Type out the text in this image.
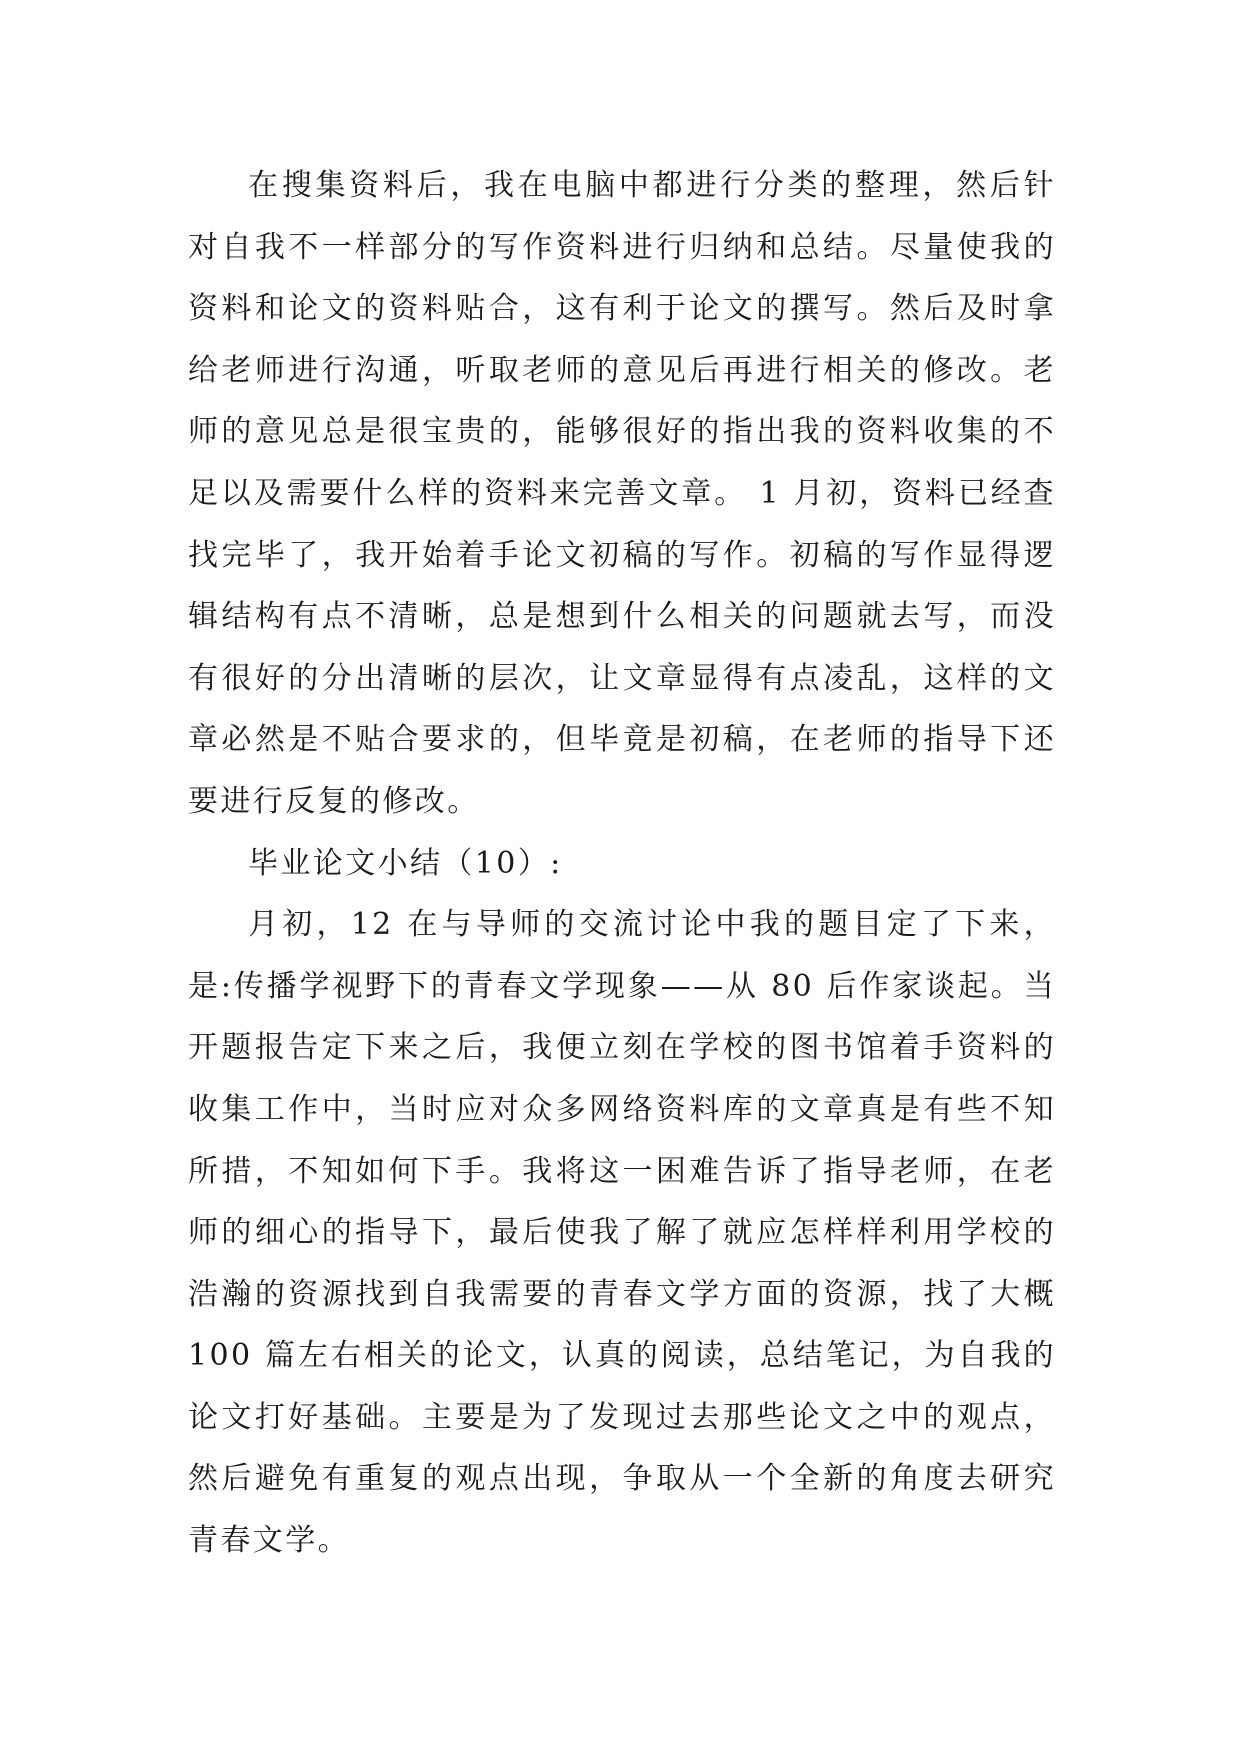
在搜集资料后，我在电脑中都进行分类的整理，然后针对自我不一样部分的写作资料进行归纳和总结。尽量使我的资料和论文的资料贴合，这有利于论文的撰写。然后及时拿给老师进行沟通，听取老师的意见后再进行相关的修改。老师的意见总是很宝贵的，能够很好的指出我的资料收集的不足以及需要什么样的资料来完善文章。 1 月初，资料已经查找完毕了，我开始着手论文初稿的写作。初稿的写作显得逻辑结构有点不清晰，总是想到什么相关的问题就去写，而没有很好的分出清晰的层次，让文章显得有点凌乱，这样的文章必然是不贴合要求的，但毕竟是初稿，在老师的指导下还要进行反复的修改。

毕业论文小结（10）:

月初，12 在与导师的交流讨论中我的题目定了下来，是:传播学视野下的青春文学现象——从 80 后作家谈起。当开题报告定下来之后，我便立刻在学校的图书馆着手资料的收集工作中，当时应对众多网络资料库的文章真是有些不知所措，不知如何下手。我将这一困难告诉了指导老师，在老师的细心的指导下，最后使我了解了就应怎样样利用学校的浩瀚的资源找到自我需要的青春文学方面的资源，找了大概 100 篇左右相关的论文，认真的阅读，总结笔记，为自我的论文打好基础。主要是为了发现过去那些论文之中的观点，然后避免有重复的观点出现，争取从一个全新的角度去研究青春文学。
